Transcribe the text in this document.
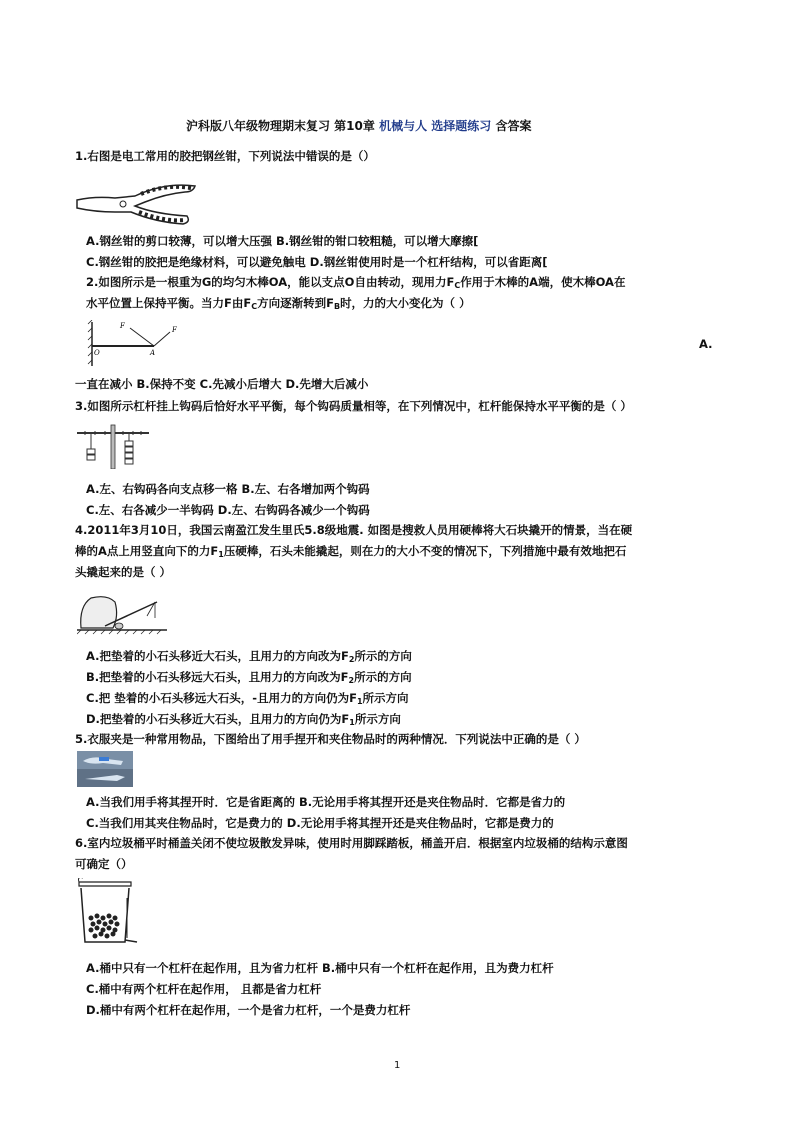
沪科版八年级物理期末复习 第10章 机械与人 选择题练习 含答案
1.右图是电工常用的胶把钢丝钳，下列说法中错误的是（）
A.钢丝钳的剪口较薄，可以增大压强 B.钢丝钳的钳口较粗糙，可以增大摩擦[
C.钢丝钳的胶把是绝缘材料，可以避免触电 D.钢丝钳使用时是一个杠杆结构，可以省距离[
2.如图所示是一根重为G的均匀木棒OA，能以支点O自由转动，现用力$F_C$作用于木棒的A端，使木棒OA在
水平位置上保持平衡。当力F由$F_C$方向逐渐转到$F_B$时，力的大小变化为（ ）
F	F
O	A
A.
一直在减小 B.保持不变 C.先减小后增大 D.先增大后减小
3.如图所示杠杆挂上钩码后恰好水平平衡，每个钩码质量相等，在下列情况中，杠杆能保持水平平衡的是（ ）
A.左、右钩码各向支点移一格 B.左、右各增加两个钩码
C.左、右各减少一半钩码 D.左、右钩码各减少一个钩码
4.2011年3月10日，我国云南盈江发生里氏5.8级地震. 如图是搜救人员用硬棒将大石块撬开的情景，当在硬
棒的A点上用竖直向下的力$F_1$压硬棒，石头未能撬起，则在力的大小不变的情况下，下列措施中最有效地把石
头撬起来的是（ ）
A.把垫着的小石头移近大石头，且用力的方向改为$F_2$所示的方向
B.把垫着的小石头移远大石头，且用力的方向改为$F_2$所示的方向
C.把 垫着的小石头移远大石头，-且用力的方向仍为$F_1$所示方向
D.把垫着的小石头移近大石头，且用力的方向仍为$F_1$所示方向
5.衣服夹是一种常用物品，下图给出了用手捏开和夹住物品时的两种情况．下列说法中正确的是（ ）
A.当我们用手将其捏开时．它是省距离的 B.无论用手将其捏开还是夹住物品时．它都是省力的
C.当我们用其夹住物品时，它是费力的 D.无论用手将其捏开还是夹住物品时，它都是费力的
6.室内垃圾桶平时桶盖关闭不使垃圾散发异味，使用时用脚踩踏板，桶盖开启．根据室内垃圾桶的结构示意图
可确定（）
A.桶中只有一个杠杆在起作用，且为省力杠杆 B.桶中只有一个杠杆在起作用，且为费力杠杆
C.桶中有两个杠杆在起作用， 且都是省力杠杆
D.桶中有两个杠杆在起作用，一个是省力杠杆，一个是费力杠杆
1
